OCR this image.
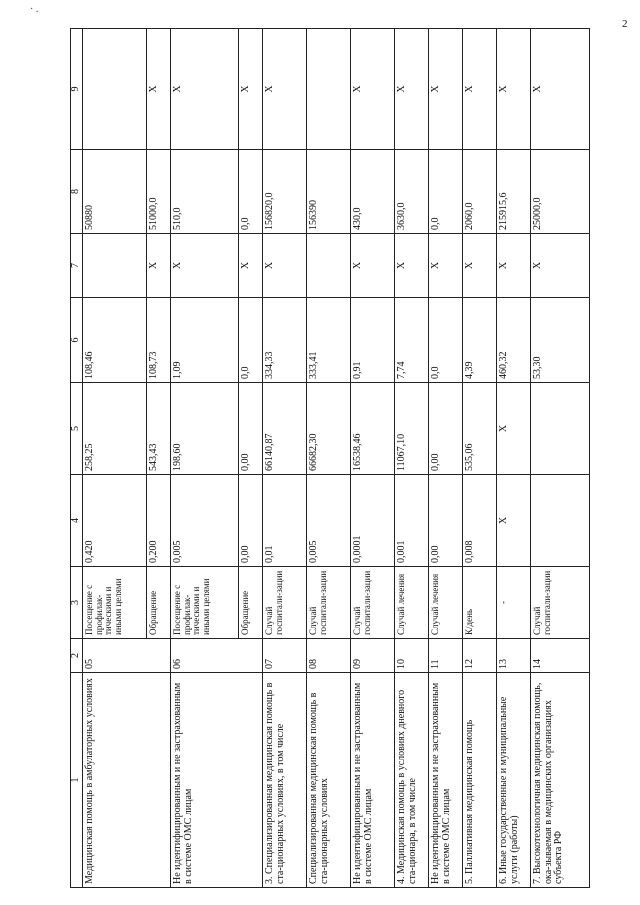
· .
2
1	2	3	4	5	6	7	8	9
Медицинская помощь в амбулаторных условиях	05	Посещение с профилак-тическими и иными целями	0,420	258,25	108,46		50880	
		Обращение	0,200	543,43	108,73	X	51000,0	X
Не идентифицированным и не застрахованным в системе ОМС лицам	06	Посещение с профилак-тическими и иными целями	0,005	198,60	1,09	X	510,0	X
		Обращение	0,00	0,00	0,0	X	0,0	X
3. Специализированная медицинская помощь в ста-ционарных условиях, в том числе	07	Случай госпитали-зации	0,01	66140,87	334,33	X	156820,0	X
Специализированная медицинская помощь в ста-ционарных условиях	08	Случай госпитали-зации	0,005	66682,30	333,41		156390	
Не идентифицированным и не застрахованным в системе ОМС лицам	09	Случай госпитали-зации	0,0001	16538,46	0,91	X	430,0	X
4. Медицинская помощь в условиях дневного ста-ционара, в том числе	10	Случай лечения	0,001	11067,10	7,74	X	3630,0	X
Не идентифицированным и не застрахованным в системе ОМС лицам	11	Случай лечения	0,00	0,00	0,0	X	0,0	X
5. Паллиативная медицинская помощь	12	К/день	0,008	535,06	4,39	X	2060,0	X
6. Иные государственные и муниципальные услуги (работы)	13	-	X	X	460,32	X	215915,6	X
7. Высокотехнологичная медицинская помощь, ока-зываемая в медицинских организациях субъекта РФ	14	Случай госпитали-зации			53,30	X	25000,0	X
